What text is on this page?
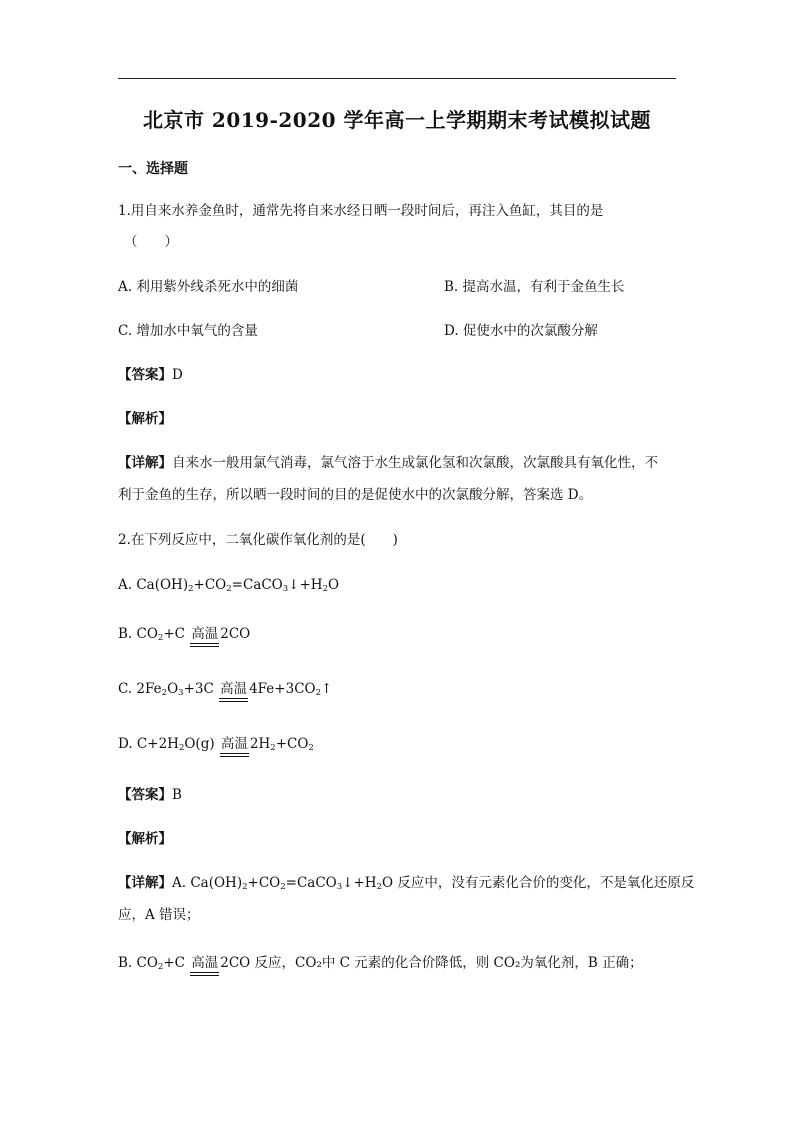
北京市 2019-2020 学年高一上学期期末考试模拟试题
一、选择题
1.用自来水养金鱼时，通常先将自来水经日晒一段时间后，再注入鱼缸，其目的是
（　　）
A. 利用紫外线杀死水中的细菌	B. 提高水温，有利于金鱼生长
C. 增加水中氧气的含量	D. 促使水中的次氯酸分解
【答案】D
【解析】
【详解】自来水一般用氯气消毒，氯气溶于水生成氯化氢和次氯酸，次氯酸具有氧化性，不
利于金鱼的生存，所以晒一段时间的目的是促使水中的次氯酸分解，答案选 D。
2.在下列反应中，二氧化碳作氧化剂的是(　　)
A. $Ca(OH)_2+CO_2=CaCO_3↓+H_2O$
B. $CO_2+C$ 高温 2CO
C. $2Fe_2O_3+3C$ 高温 $4Fe+3CO_2↑$
D. $C+2H_2O(g)$ 高温 $2H_2+CO_2$
【答案】B
【解析】
【详解】A. $Ca(OH)_2+CO_2=CaCO_3↓+H_2O$ 反应中，没有元素化合价的变化，不是氧化还原反
应，A 错误；
B. $CO_2+C$ 高温 2CO 反应，CO₂中 C 元素的化合价降低，则 CO₂为氧化剂，B 正确；
